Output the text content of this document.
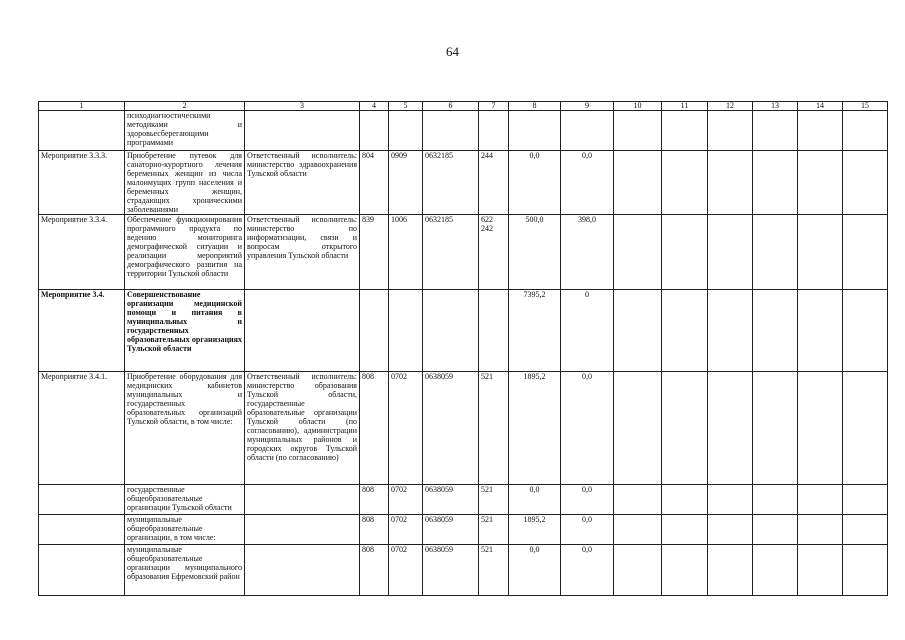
64
1	2	3	4	5	6	7	8	9	10	11	12	13	14	15
	психодиагностическими методиками и здоровьесберегающими программами													
Мероприятие 3.3.3.	Приобретение путевок для санаторно-курортного лечения беременных женщин из числа малоимущих групп населения и беременных женщин, страдающих хроническими заболеваниями	Ответственный исполнитель: министерство здравоохранения Тульской области	804	0909	0632185	244	0,0	0,0						
Мероприятие 3.3.4.	Обеспечение функционирования программного продукта по ведению мониторинга демографической ситуации и реализации мероприятий демографического развития на территории Тульской области	Ответственный исполнитель: министерство по информатизации, связи и вопросам открытого управления Тульской области	839	1006	0632185	622 242	500,0	398,0						
Мероприятие 3.4.	Совершенствование организации медицинской помощи и питания в муниципальных и государственных образовательных организациях Тульской области						7395,2	0						
Мероприятие 3.4.1.	Приобретение оборудования для медицинских кабинетов муниципальных и государственных образовательных организаций Тульской области, в том числе:	Ответственный исполнитель: министерство образования Тульской области, государственные образовательные организации Тульской области (по согласованию), администрации муниципальных районов и городских округов Тульской области (по согласованию)	808	0702	0638059	521	1895,2	0,0						
	государственные общеобразовательные организации Тульской области		808	0702	0638059	521	0,0	0,0						
	муниципальные общеобразовательные организации, в том числе:		808	0702	0638059	521	1895,2	0,0						
	муниципальные общеобразовательные организации муниципального образования Ефремовский район		808	0702	0638059	521	0,0	0,0						
